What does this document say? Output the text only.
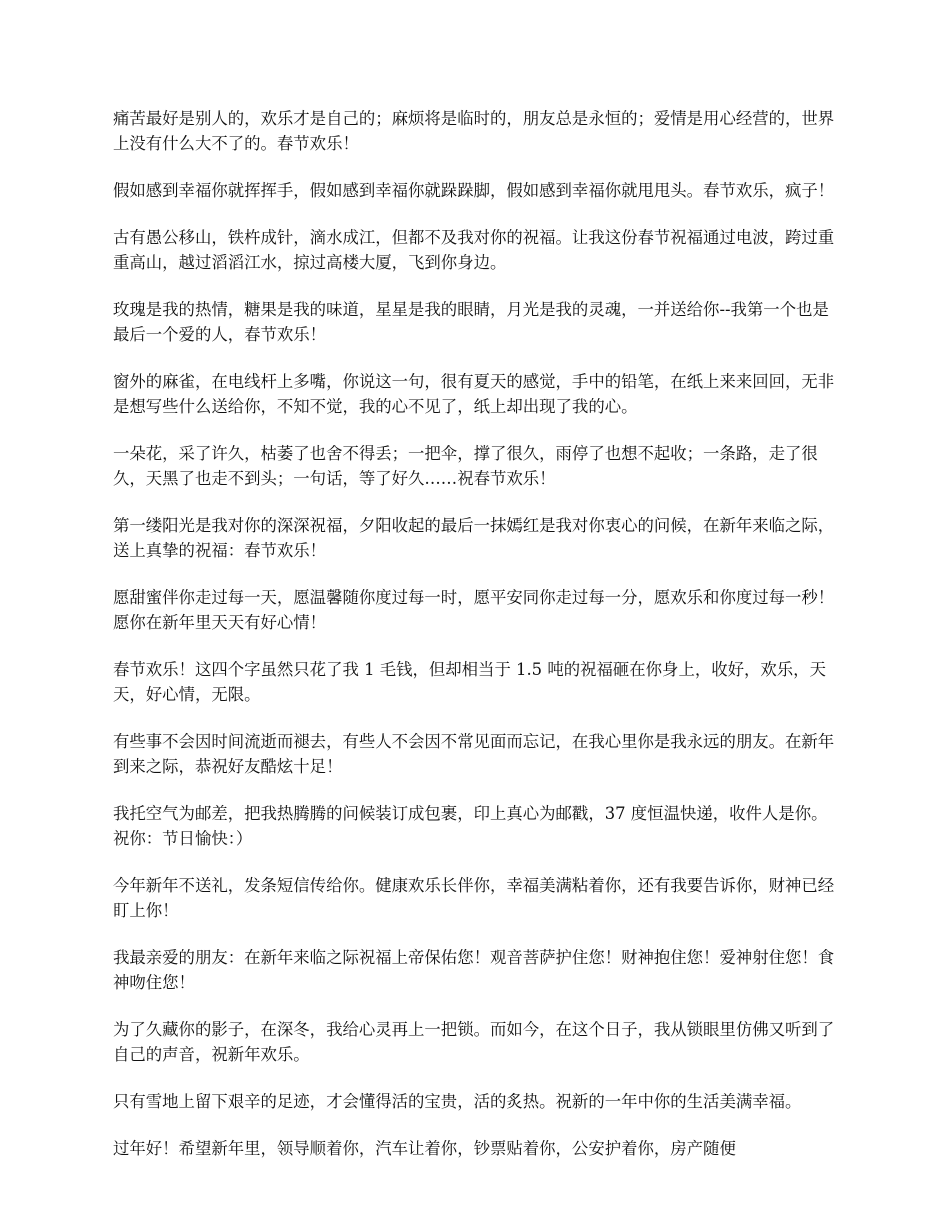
痛苦最好是别人的，欢乐才是自己的；麻烦将是临时的，朋友总是永恒的；爱情是用心经营的，世界上没有什么大不了的。春节欢乐！

假如感到幸福你就挥挥手，假如感到幸福你就跺跺脚，假如感到幸福你就甩甩头。春节欢乐，疯子！

古有愚公移山，铁杵成针，滴水成江，但都不及我对你的祝福。让我这份春节祝福通过电波，跨过重重高山，越过滔滔江水，掠过高楼大厦，飞到你身边。

玫瑰是我的热情，糖果是我的味道，星星是我的眼睛，月光是我的灵魂，一并送给你--我第一个也是最后一个爱的人，春节欢乐！

窗外的麻雀，在电线杆上多嘴，你说这一句，很有夏天的感觉，手中的铅笔，在纸上来来回回，无非是想写些什么送给你，不知不觉，我的心不见了，纸上却出现了我的心。

一朵花，采了许久，枯萎了也舍不得丢；一把伞，撑了很久，雨停了也想不起收；一条路，走了很久，天黑了也走不到头；一句话，等了好久……祝春节欢乐！

第一缕阳光是我对你的深深祝福，夕阳收起的最后一抹嫣红是我对你衷心的问候，在新年来临之际，送上真挚的祝福：春节欢乐！

愿甜蜜伴你走过每一天，愿温馨随你度过每一时，愿平安同你走过每一分，愿欢乐和你度过每一秒！愿你在新年里天天有好心情！

春节欢乐！这四个字虽然只花了我 1 毛钱，但却相当于 1.5 吨的祝福砸在你身上，收好，欢乐，天天，好心情，无限。

有些事不会因时间流逝而褪去，有些人不会因不常见面而忘记，在我心里你是我永远的朋友。在新年到来之际，恭祝好友酷炫十足！

我托空气为邮差，把我热腾腾的问候装订成包裹，印上真心为邮戳，37 度恒温快递，收件人是你。祝你：节日愉快：）

今年新年不送礼，发条短信传给你。健康欢乐长伴你，幸福美满粘着你，还有我要告诉你，财神已经盯上你！

我最亲爱的朋友：在新年来临之际祝福上帝保佑您！观音菩萨护住您！财神抱住您！爱神射住您！食神吻住您！

为了久藏你的影子，在深冬，我给心灵再上一把锁。而如今，在这个日子，我从锁眼里仿佛又听到了自己的声音，祝新年欢乐。

只有雪地上留下艰辛的足迹，才会懂得活的宝贵，活的炙热。祝新的一年中你的生活美满幸福。

过年好！希望新年里，领导顺着你，汽车让着你，钞票贴着你，公安护着你，房产随便
